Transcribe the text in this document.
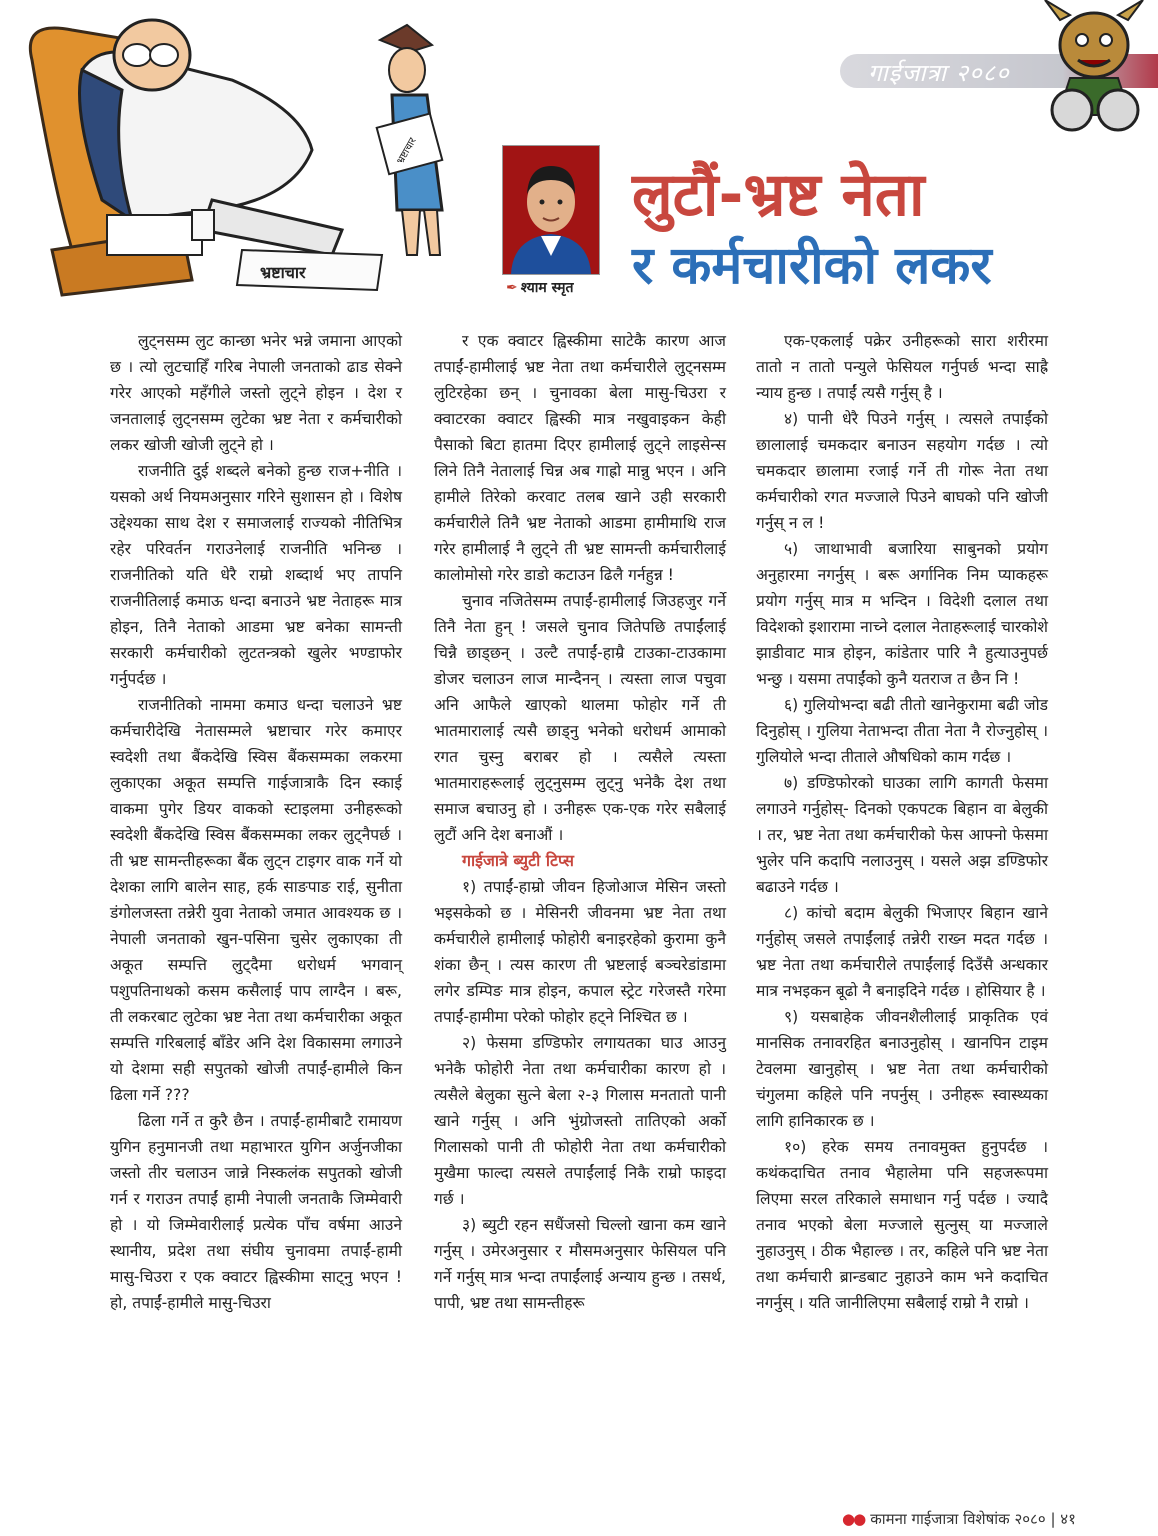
भ्रष्टाचार
भ्रष्टाचार
गाईजात्रा २०८०
✒ श्याम स्मृत
लुटौं-भ्रष्ट नेता
र कर्मचारीको लकर

लुट्नसम्म लुट कान्छा भनेर भन्ने जमाना आएको छ । त्यो लुटचाहिँ गरिब नेपाली जनताको ढाड सेक्ने गरेर आएको महँगीले जस्तो लुट्ने होइन । देश र जनतालाई लुट्नसम्म लुटेका भ्रष्ट नेता र कर्मचारीको लकर खोजी खोजी लुट्ने हो ।

राजनीति दुई शब्दले बनेको हुन्छ राज+नीति । यसको अर्थ नियमअनुसार गरिने सुशासन हो । विशेष उद्देश्यका साथ देश र समाजलाई राज्यको नीतिभित्र रहेर परिवर्तन गराउनेलाई राजनीति भनिन्छ । राजनीतिको यति धेरै राम्रो शब्दार्थ भए तापनि राजनीतिलाई कमाऊ धन्दा बनाउने भ्रष्ट नेताहरू मात्र होइन, तिनै नेताको आडमा भ्रष्ट बनेका सामन्ती सरकारी कर्मचारीको लुटतन्त्रको खुलेर भण्डाफोर गर्नुपर्दछ ।

राजनीतिको नाममा कमाउ धन्दा चलाउने भ्रष्ट कर्मचारीदेखि नेतासम्मले भ्रष्टाचार गरेर कमाएर स्वदेशी तथा बैंकदेखि स्विस बैंकसम्मका लकरमा लुकाएका अकूत सम्पत्ति गाईजात्राकै दिन स्काई वाकमा पुगेर डियर वाकको स्टाइलमा उनीहरूको स्वदेशी बैंकदेखि स्विस बैंकसम्मका लकर लुट्नैपर्छ । ती भ्रष्ट सामन्तीहरूका बैंक लुट्न टाइगर वाक गर्ने यो देशका लागि बालेन साह, हर्क साङपाङ राई, सुनीता डंगोलजस्ता तन्नेरी युवा नेताको जमात आवश्यक छ । नेपाली जनताको खुन-पसिना चुसेर लुकाएका ती अकूत सम्पत्ति लुट्दैमा धरोधर्म भगवान् पशुपतिनाथको कसम कसैलाई पाप लाग्दैन । बरू, ती लकरबाट लुटेका भ्रष्ट नेता तथा कर्मचारीका अकूत सम्पत्ति गरिबलाई बाँडेर अनि देश विकासमा लगाउने यो देशमा सही सपुतको खोजी तपाईं-हामीले किन ढिला गर्ने ???

ढिला गर्ने त कुरै छैन । तपाईं-हामीबाटै रामायण युगिन हनुमानजी तथा महाभारत युगिन अर्जुनजीका जस्तो तीर चलाउन जान्ने निस्कलंक सपुतको खोजी गर्न र गराउन तपाईं हामी नेपाली जनताकै जिम्मेवारी हो । यो जिम्मेवारीलाई प्रत्येक पाँच वर्षमा आउने स्थानीय, प्रदेश तथा संघीय चुनावमा तपाईं-हामी मासु-चिउरा र एक क्वाटर ह्विस्कीमा साट्नु भएन ! हो, तपाईं-हामीले मासु-चिउरा

र एक क्वाटर ह्विस्कीमा साटेकै कारण आज तपाईं-हामीलाई भ्रष्ट नेता तथा कर्मचारीले लुट्नसम्म लुटिरहेका छन् । चुनावका बेला मासु-चिउरा र क्वाटरका क्वाटर ह्विस्की मात्र नखुवाइकन केही पैसाको बिटा हातमा दिएर हामीलाई लुट्ने लाइसेन्स लिने तिनै नेतालाई चिन्न अब गाह्रो मान्नु भएन । अनि हामीले तिरेको करवाट तलब खाने उही सरकारी कर्मचारीले तिनै भ्रष्ट नेताको आडमा हामीमाथि राज गरेर हामीलाई नै लुट्ने ती भ्रष्ट सामन्ती कर्मचारीलाई कालोमोसो गरेर डाडो कटाउन ढिलै गर्नहुन्न !

चुनाव नजितेसम्म तपाईं-हामीलाई जिउहजुर गर्ने तिनै नेता हुन् ! जसले चुनाव जितेपछि तपाईंलाई चिन्नै छाड्छन् । उल्टै तपाईं-हाम्रै टाउका-टाउकामा डोजर चलाउन लाज मान्दैनन् । त्यस्ता लाज पचुवा अनि आफैले खाएको थालमा फोहोर गर्ने ती भातमारालाई त्यसै छाड्नु भनेको धरोधर्म आमाको रगत चुस्नु बराबर हो । त्यसैले त्यस्ता भातमाराहरूलाई लुट्नुसम्म लुट्नु भनेकै देश तथा समाज बचाउनु हो । उनीहरू एक-एक गरेर सबैलाई लुटौं अनि देश बनाऔं ।

गाईजात्रे ब्युटी टिप्स

१) तपाईं-हाम्रो जीवन हिजोआज मेसिन जस्तो भइसकेको छ । मेसिनरी जीवनमा भ्रष्ट नेता तथा कर्मचारीले हामीलाई फोहोरी बनाइरहेको कुरामा कुनै शंका छैन् । त्यस कारण ती भ्रष्टलाई बञ्चरेडांडामा लगेर डम्पिङ मात्र होइन, कपाल स्ट्रेट गरेजस्तै गरेमा तपाईं-हामीमा परेको फोहोर हट्ने निश्चित छ ।

२) फेसमा डण्डिफोर लगायतका घाउ आउनु भनेकै फोहोरी नेता तथा कर्मचारीका कारण हो । त्यसैले बेलुका सुत्ने बेला २-३ गिलास मनतातो पानी खाने गर्नुस् । अनि भुंग्रोजस्तो तातिएको अर्को गिलासको पानी ती फोहोरी नेता तथा कर्मचारीको मुखैमा फाल्दा त्यसले तपाईंलाई निकै राम्रो फाइदा गर्छ ।

३) ब्युटी रहन सधैंजसो चिल्लो खाना कम खाने गर्नुस् । उमेरअनुसार र मौसमअनुसार फेसियल पनि गर्ने गर्नुस् मात्र भन्दा तपाईंलाई अन्याय हुन्छ । तसर्थ, पापी, भ्रष्ट तथा सामन्तीहरू

एक-एकलाई पक्रेर उनीहरूको सारा शरीरमा तातो न तातो पन्युले फेसियल गर्नुपर्छ भन्दा साह्रै न्याय हुन्छ । तपाईं त्यसै गर्नुस् है ।

४) पानी धेरै पिउने गर्नुस् । त्यसले तपाईंको छालालाई चमकदार बनाउन सहयोग गर्दछ । त्यो चमकदार छालामा रजाई गर्ने ती गोरू नेता तथा कर्मचारीको रगत मज्जाले पिउने बाघको पनि खोजी गर्नुस् न ल !

५) जाथाभावी बजारिया साबुनको प्रयोग अनुहारमा नगर्नुस् । बरू अर्गानिक निम प्याकहरू प्रयोग गर्नुस् मात्र म भन्दिन । विदेशी दलाल तथा विदेशको इशारामा नाच्ने दलाल नेताहरूलाई चारकोशे झाडीवाट मात्र होइन, कांडेतार पारि नै हुत्याउनुपर्छ भन्छु । यसमा तपाईंको कुनै यतराज त छैन नि !

६) गुलियोभन्दा बढी तीतो खानेकुरामा बढी जोड दिनुहोस् । गुलिया नेताभन्दा तीता नेता नै रोज्नुहोस् । गुलियोले भन्दा तीताले औषधिको काम गर्दछ ।

७) डण्डिफोरको घाउका लागि कागती फेसमा लगाउने गर्नुहोस्- दिनको एकपटक बिहान वा बेलुकी । तर, भ्रष्ट नेता तथा कर्मचारीको फेस आफ्नो फेसमा भुलेर पनि कदापि नलाउनुस् । यसले अझ डण्डिफोर बढाउने गर्दछ ।

८) कांचो बदाम बेलुकी भिजाएर बिहान खाने गर्नुहोस् जसले तपाईंलाई तन्नेरी राख्न मदत गर्दछ । भ्रष्ट नेता तथा कर्मचारीले तपाईंलाई दिउँसै अन्धकार मात्र नभइकन बूढो नै बनाइदिने गर्दछ । होसियार है ।

९) यसबाहेक जीवनशैलीलाई प्राकृतिक एवं मानसिक तनावरहित बनाउनुहोस् । खानपिन टाइम टेवलमा खानुहोस् । भ्रष्ट नेता तथा कर्मचारीको चंगुलमा कहिले पनि नपर्नुस् । उनीहरू स्वास्थ्यका लागि हानिकारक छ ।

१०) हरेक समय तनावमुक्त हुनुपर्दछ । कथंकदाचित तनाव भैहालेमा पनि सहजरूपमा लिएमा सरल तरिकाले समाधान गर्नु पर्दछ । ज्यादै तनाव भएको बेला मज्जाले सुत्नुस् या मज्जाले नुहाउनुस् । ठीक भैहाल्छ । तर, कहिले पनि भ्रष्ट नेता तथा कर्मचारी ब्रान्डबाट नुहाउने काम भने कदाचित नगर्नुस् । यति जानीलिएमा सबैलाई राम्रो नै राम्रो ।

●● कामना गाईजात्रा विशेषांक २०८० | ४१
